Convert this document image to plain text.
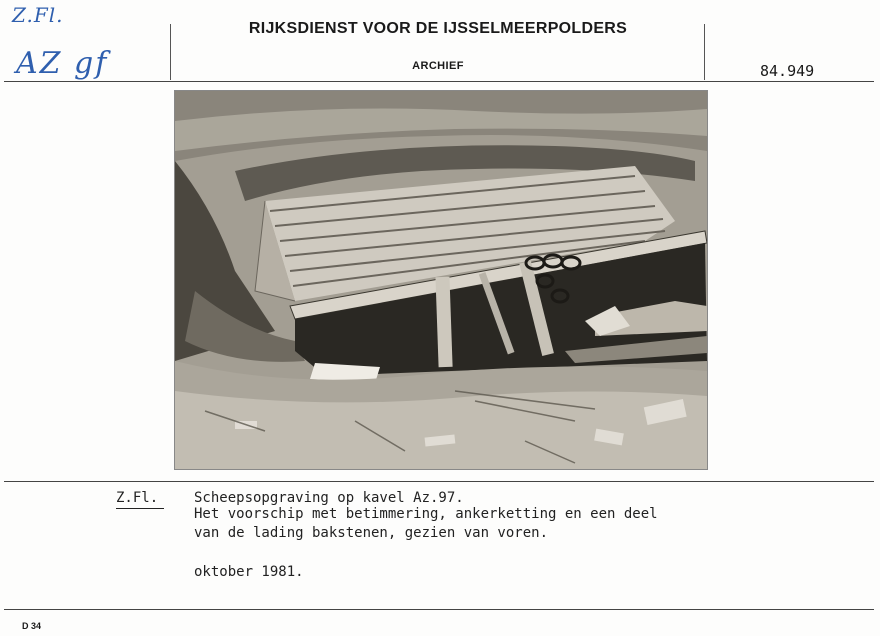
Z.Fl.
AZ gf
RIJKSDIENST VOOR DE IJSSELMEERPOLDERS
ARCHIEF	84.949
Z.Fl.	Scheepsopgraving op kavel Az.97.
Het voorschip met betimmering, ankerketting en een deel
van de lading bakstenen, gezien van voren.
oktober 1981.
D 34
